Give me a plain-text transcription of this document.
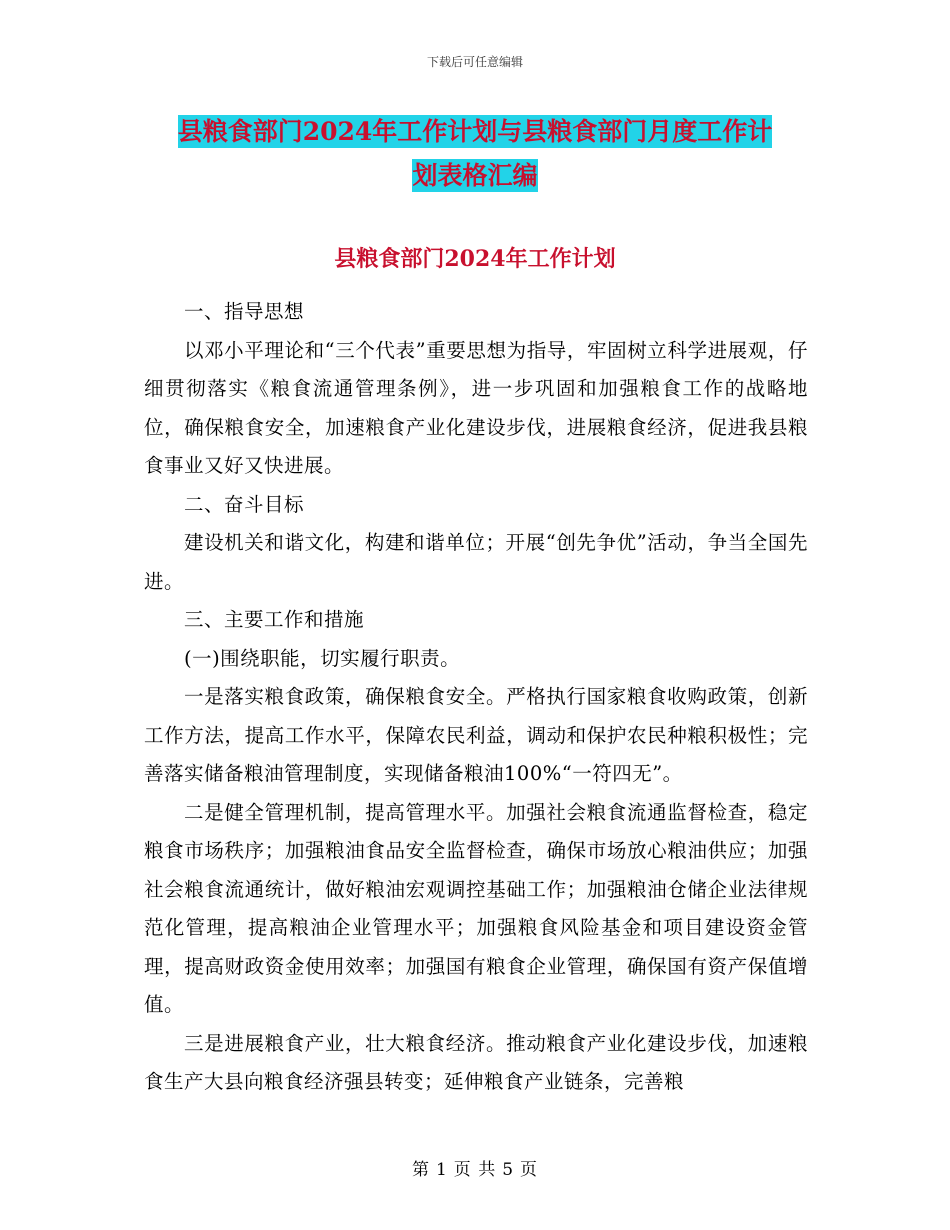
下载后可任意编辑
县粮食部门2024年工作计划与县粮食部门月度工作计
划表格汇编
县粮食部门2024年工作计划

一、指导思想

以邓小平理论和“三个代表”重要思想为指导，牢固树立科学进展观，仔细贯彻落实《粮食流通管理条例》，进一步巩固和加强粮食工作的战略地位，确保粮食安全，加速粮食产业化建设步伐，进展粮食经济，促进我县粮食事业又好又快进展。

二、奋斗目标

建设机关和谐文化，构建和谐单位；开展“创先争优”活动，争当全国先进。

三、主要工作和措施

(一)围绕职能，切实履行职责。

一是落实粮食政策，确保粮食安全。严格执行国家粮食收购政策，创新工作方法，提高工作水平，保障农民利益，调动和保护农民种粮积极性；完善落实储备粮油管理制度，实现储备粮油100%“一符四无”。

二是健全管理机制，提高管理水平。加强社会粮食流通监督检查，稳定粮食市场秩序；加强粮油食品安全监督检查，确保市场放心粮油供应；加强社会粮食流通统计，做好粮油宏观调控基础工作；加强粮油仓储企业法律规范化管理，提高粮油企业管理水平；加强粮食风险基金和项目建设资金管理，提高财政资金使用效率；加强国有粮食企业管理，确保国有资产保值增值。

三是进展粮食产业，壮大粮食经济。推动粮食产业化建设步伐，加速粮食生产大县向粮食经济强县转变；延伸粮食产业链条，完善粮

第 1 页 共 5 页
